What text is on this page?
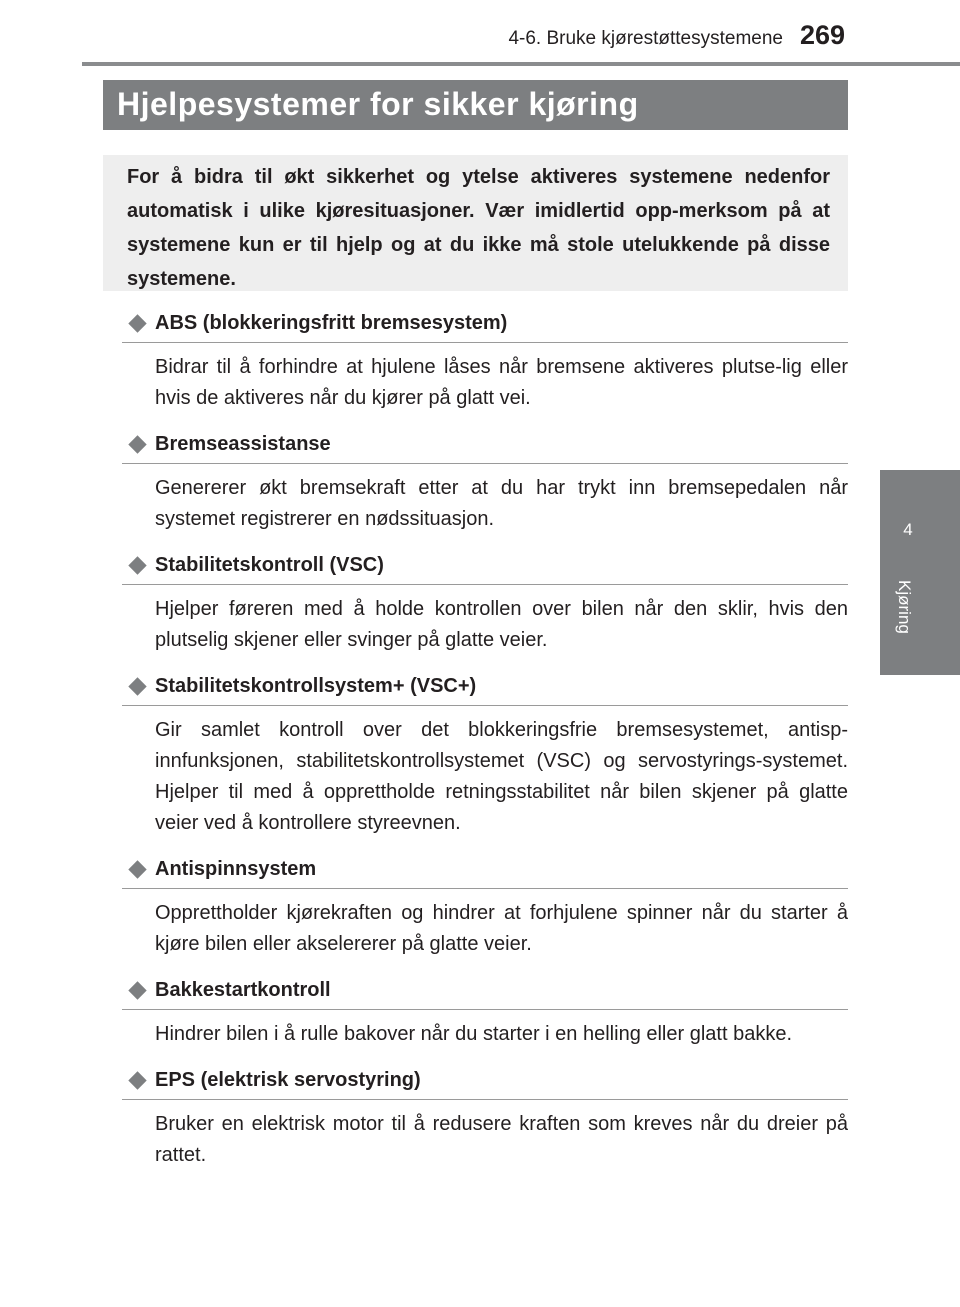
4-6. Bruke kjørestøttesystemene 269
4
Kjøring
Hjelpesystemer for sikker kjøring
For å bidra til økt sikkerhet og ytelse aktiveres systemene nedenfor automatisk i ulike kjøresituasjoner. Vær imidlertid opp-merksom på at systemene kun er til hjelp og at du ikke må stole utelukkende på disse systemene.
ABS (blokkeringsfritt bremsesystem)
Bidrar til å forhindre at hjulene låses når bremsene aktiveres plutse-lig eller hvis de aktiveres når du kjører på glatt vei.
Bremseassistanse
Genererer økt bremsekraft etter at du har trykt inn bremsepedalen når systemet registrerer en nødssituasjon.
Stabilitetskontroll (VSC)
Hjelper føreren med å holde kontrollen over bilen når den sklir, hvis den plutselig skjener eller svinger på glatte veier.
Stabilitetskontrollsystem+ (VSC+)
Gir samlet kontroll over det blokkeringsfrie bremsesystemet, antisp-innfunksjonen, stabilitetskontrollsystemet (VSC) og servostyrings-systemet. Hjelper til med å opprettholde retningsstabilitet når bilen skjener på glatte veier ved å kontrollere styreevnen.
Antispinnsystem
Opprettholder kjørekraften og hindrer at forhjulene spinner når du starter å kjøre bilen eller akselererer på glatte veier.
Bakkestartkontroll
Hindrer bilen i å rulle bakover når du starter i en helling eller glatt bakke.
EPS (elektrisk servostyring)
Bruker en elektrisk motor til å redusere kraften som kreves når du dreier på rattet.
